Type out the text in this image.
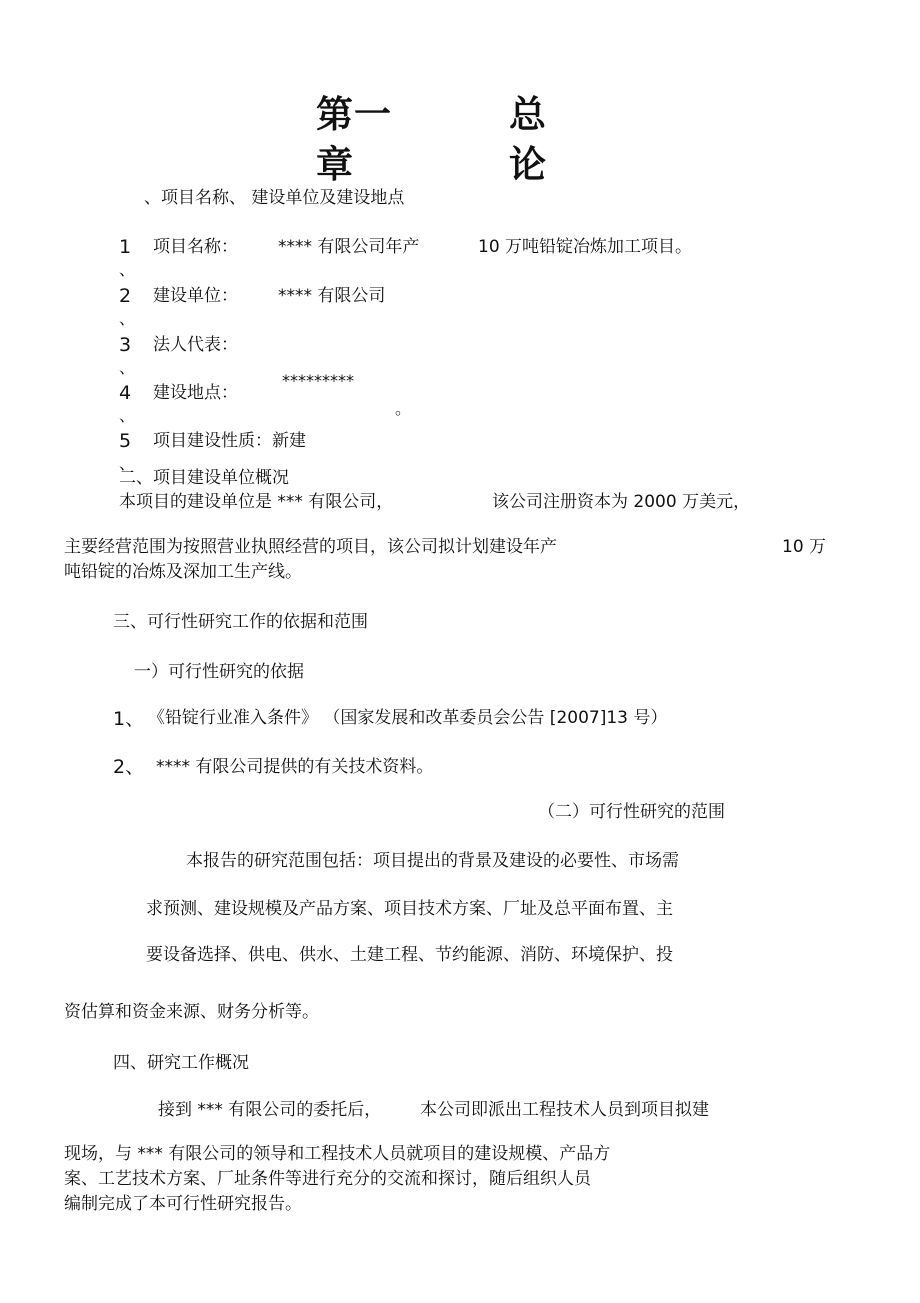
第一
章
总
论
、项目名称、 建设单位及建设地点
1
、
项目名称： **** 有限公司年产	10 万吨铅锭冶炼加工项目。
2
、
建设单位： **** 有限公司
3
、
法人代表：
*********
4 建设地点：
。
、
5 项目建设性质：新建
、
二、项目建设单位概况
本项目的建设单位是 *** 有限公司，	该公司注册资本为 2000 万美元，
主要经营范围为按照营业执照经营的项目，该公司拟计划建设年产	10 万
吨铅锭的冶炼及深加工生产线。
三、可行性研究工作的依据和范围
一）可行性研究的依据
1、 《铅锭行业准入条件》 （国家发展和改革委员会公告 [2007]13 号）
2、 **** 有限公司提供的有关技术资料。
（二）可行性研究的范围
本报告的研究范围包括：项目提出的背景及建设的必要性、市场需
求预测、建设规模及产品方案、项目技术方案、厂址及总平面布置、主
要设备选择、供电、供水、土建工程、节约能源、消防、环境保护、投
资估算和资金来源、财务分析等。
四、研究工作概况
接到 *** 有限公司的委托后， 本公司即派出工程技术人员到项目拟建
现场，与 *** 有限公司的领导和工程技术人员就项目的建设规模、产品方
案、工艺技术方案、厂址条件等进行充分的交流和探讨，随后组织人员
编制完成了本可行性研究报告。
